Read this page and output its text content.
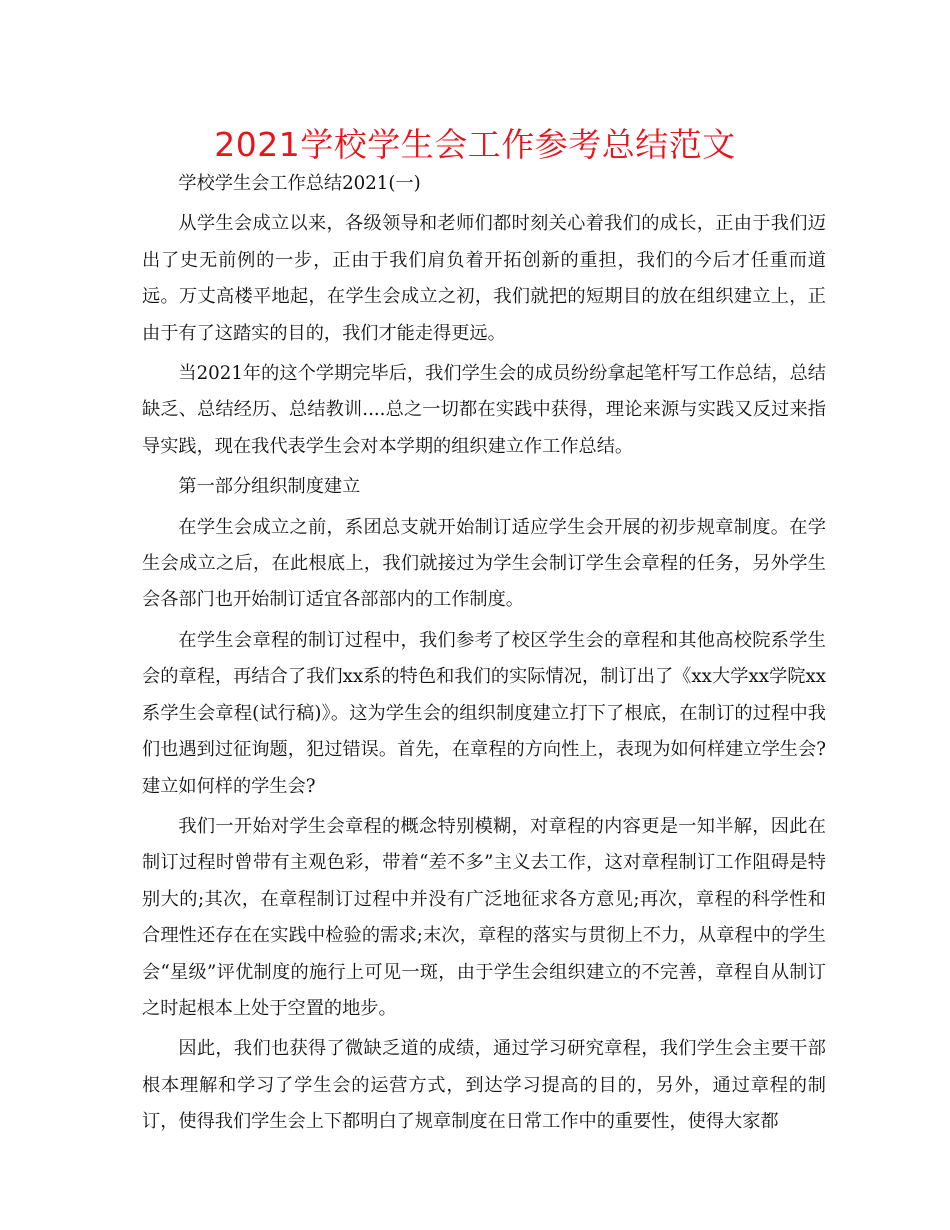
2021学校学生会工作参考总结范文

学校学生会工作总结2021(一)

从学生会成立以来，各级领导和老师们都时刻关心着我们的成长，正由于我们迈出了史无前例的一步，正由于我们肩负着开拓创新的重担，我们的今后才任重而道远。万丈高楼平地起，在学生会成立之初，我们就把的短期目的放在组织建立上，正由于有了这踏实的目的，我们才能走得更远。

当2021年的这个学期完毕后，我们学生会的成员纷纷拿起笔杆写工作总结，总结缺乏、总结经历、总结教训....总之一切都在实践中获得，理论来源与实践又反过来指导实践，现在我代表学生会对本学期的组织建立作工作总结。

第一部分组织制度建立

在学生会成立之前，系团总支就开始制订适应学生会开展的初步规章制度。在学生会成立之后，在此根底上，我们就接过为学生会制订学生会章程的任务，另外学生会各部门也开始制订适宜各部部内的工作制度。

在学生会章程的制订过程中，我们参考了校区学生会的章程和其他高校院系学生会的章程，再结合了我们xx系的特色和我们的实际情况，制订出了《xx大学xx学院xx系学生会章程(试行稿)》。这为学生会的组织制度建立打下了根底，在制订的过程中我们也遇到过征询题，犯过错误。首先，在章程的方向性上，表现为如何样建立学生会?建立如何样的学生会?

我们一开始对学生会章程的概念特别模糊，对章程的内容更是一知半解，因此在制订过程时曾带有主观色彩，带着“差不多”主义去工作，这对章程制订工作阻碍是特别大的;其次，在章程制订过程中并没有广泛地征求各方意见;再次，章程的科学性和合理性还存在在实践中检验的需求;末次，章程的落实与贯彻上不力，从章程中的学生会“星级”评优制度的施行上可见一斑，由于学生会组织建立的不完善，章程自从制订之时起根本上处于空置的地步。

因此，我们也获得了微缺乏道的成绩，通过学习研究章程，我们学生会主要干部根本理解和学习了学生会的运营方式，到达学习提高的目的，另外，通过章程的制订，使得我们学生会上下都明白了规章制度在日常工作中的重要性，使得大家都
